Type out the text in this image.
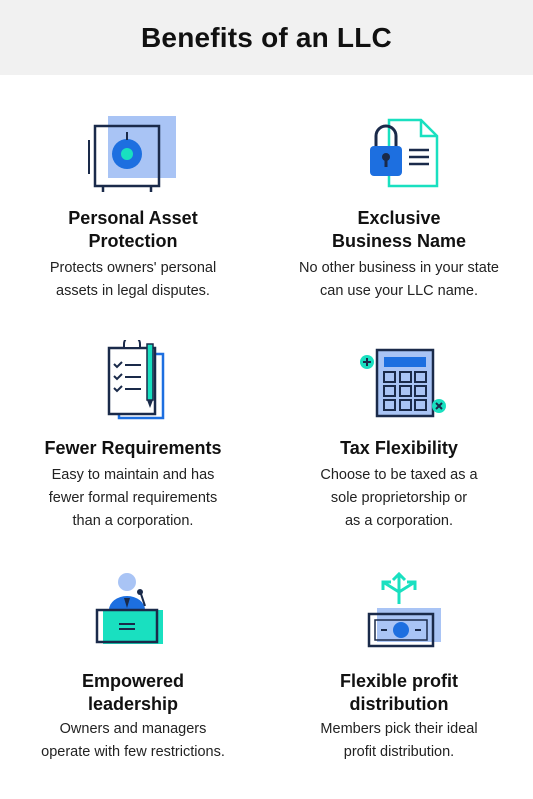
Benefits of an LLC
Personal Asset
Protection
Protects owners' personal
assets in legal disputes.
Exclusive
Business Name
No other business in your state
can use your LLC name.
Fewer Requirements
Easy to maintain and has
fewer formal requirements
than a corporation.
Tax Flexibility
Choose to be taxed as a
sole proprietorship or
as a corporation.
Empowered
leadership
Owners and managers
operate with few restrictions.
Flexible profit
distribution
Members pick their ideal
profit distribution.
